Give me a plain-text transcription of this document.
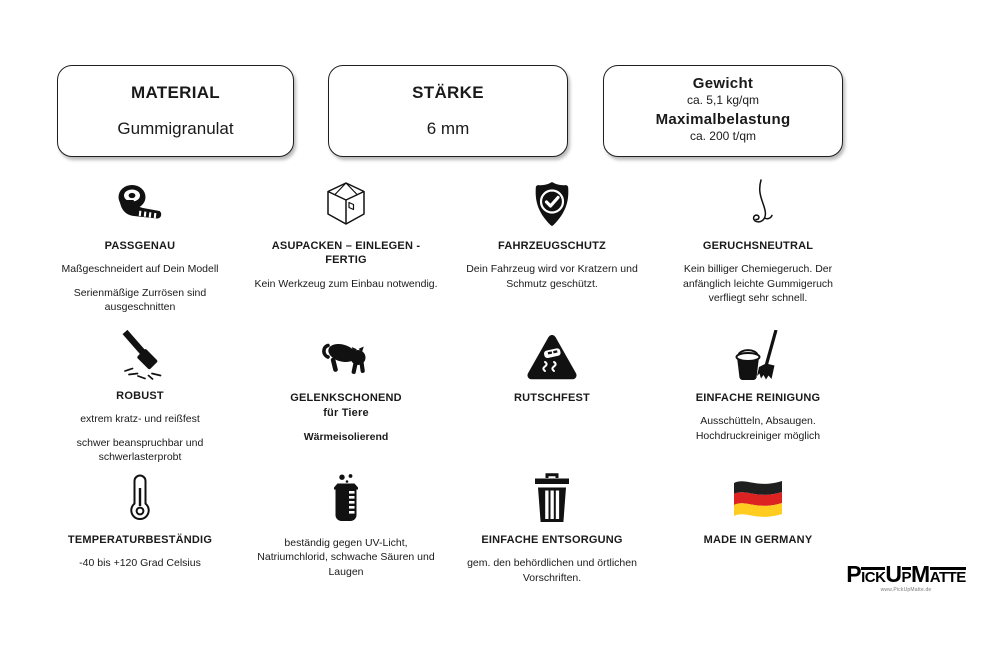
MATERIAL
Gummigranulat
STÄRKE
6 mm
Gewicht
ca. 5,1 kg/qm
Maximalbelastung
ca. 200 t/qm
PASSGENAU

Maßgeschneidert auf Dein Modell

Serienmäßige Zurrösen sind ausgeschnitten

ASUPACKEN – EINLEGEN - FERTIG

Kein Werkzeug zum Einbau notwendig.

FAHRZEUGSCHUTZ

Dein Fahrzeug wird vor Kratzern und Schmutz geschützt.

GERUCHSNEUTRAL

Kein billiger Chemiegeruch. Der anfänglich leichte Gummigeruch verfliegt sehr schnell.

ROBUST

extrem kratz- und reißfest

schwer beanspruchbar und schwerlasterprobt

GELENKSCHONEND
für Tiere

Wärmeisolierend

RUTSCHFEST	EINFACHE REINIGUNG

Ausschütteln, Absaugen. Hochdruckreiniger möglich

TEMPERATURBESTÄNDIG

-40 bis +120 Grad Celsius

beständig gegen UV-Licht, Natriumchlorid, schwache Säuren und Laugen

EINFACHE ENTSORGUNG

gem. den behördlichen und örtlichen Vorschriften.

MADE IN GERMANY
P ICK U P M ATTE
www.PickUpMatte.de
